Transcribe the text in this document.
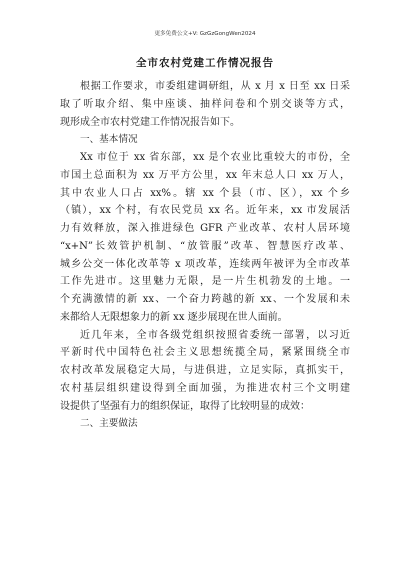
更多免费公文+V: GzGzGongWen2024
全市农村党建工作情况报告
根据工作要求，市委组建调研组，从 x 月 x 日至 xx 日采
取了听取介绍、集中座谈、抽样问卷和个别交谈等方式，
现形成全市农村党建工作情况报告如下。
一、基本情况
Xx 市位于 xx 省东部，xx 是个农业比重较大的市份，全
市国土总面积为 xx 万平方公里，xx 年末总人口 xx 万人，
其中农业人口占 xx%。辖 xx 个县（市、区），xx 个乡
（镇），xx 个村，有农民党员 xx 名。近年来，xx 市发展活
力有效释放，深入推进绿色 GFR 产业改革、农村人居环境
“x+N”长效管护机制、“放管服”改革、智慧医疗改革、
城乡公交一体化改革等 x 项改革，连续两年被评为全市改革
工作先进市。这里魅力无限，是一片生机勃发的土地。一
个充满激情的新 xx、一个奋力跨越的新 xx、一个发展和未
来都给人无限想象力的新 xx 逐步展现在世人面前。
近几年来，全市各级党组织按照省委统一部署，以习近
平新时代中国特色社会主义思想统揽全局，紧紧围绕全市
农村改革发展稳定大局，与进俱进，立足实际，真抓实干，
农村基层组织建设得到全面加强，为推进农村三个文明建
设提供了坚强有力的组织保证，取得了比较明显的成效：
二、主要做法
